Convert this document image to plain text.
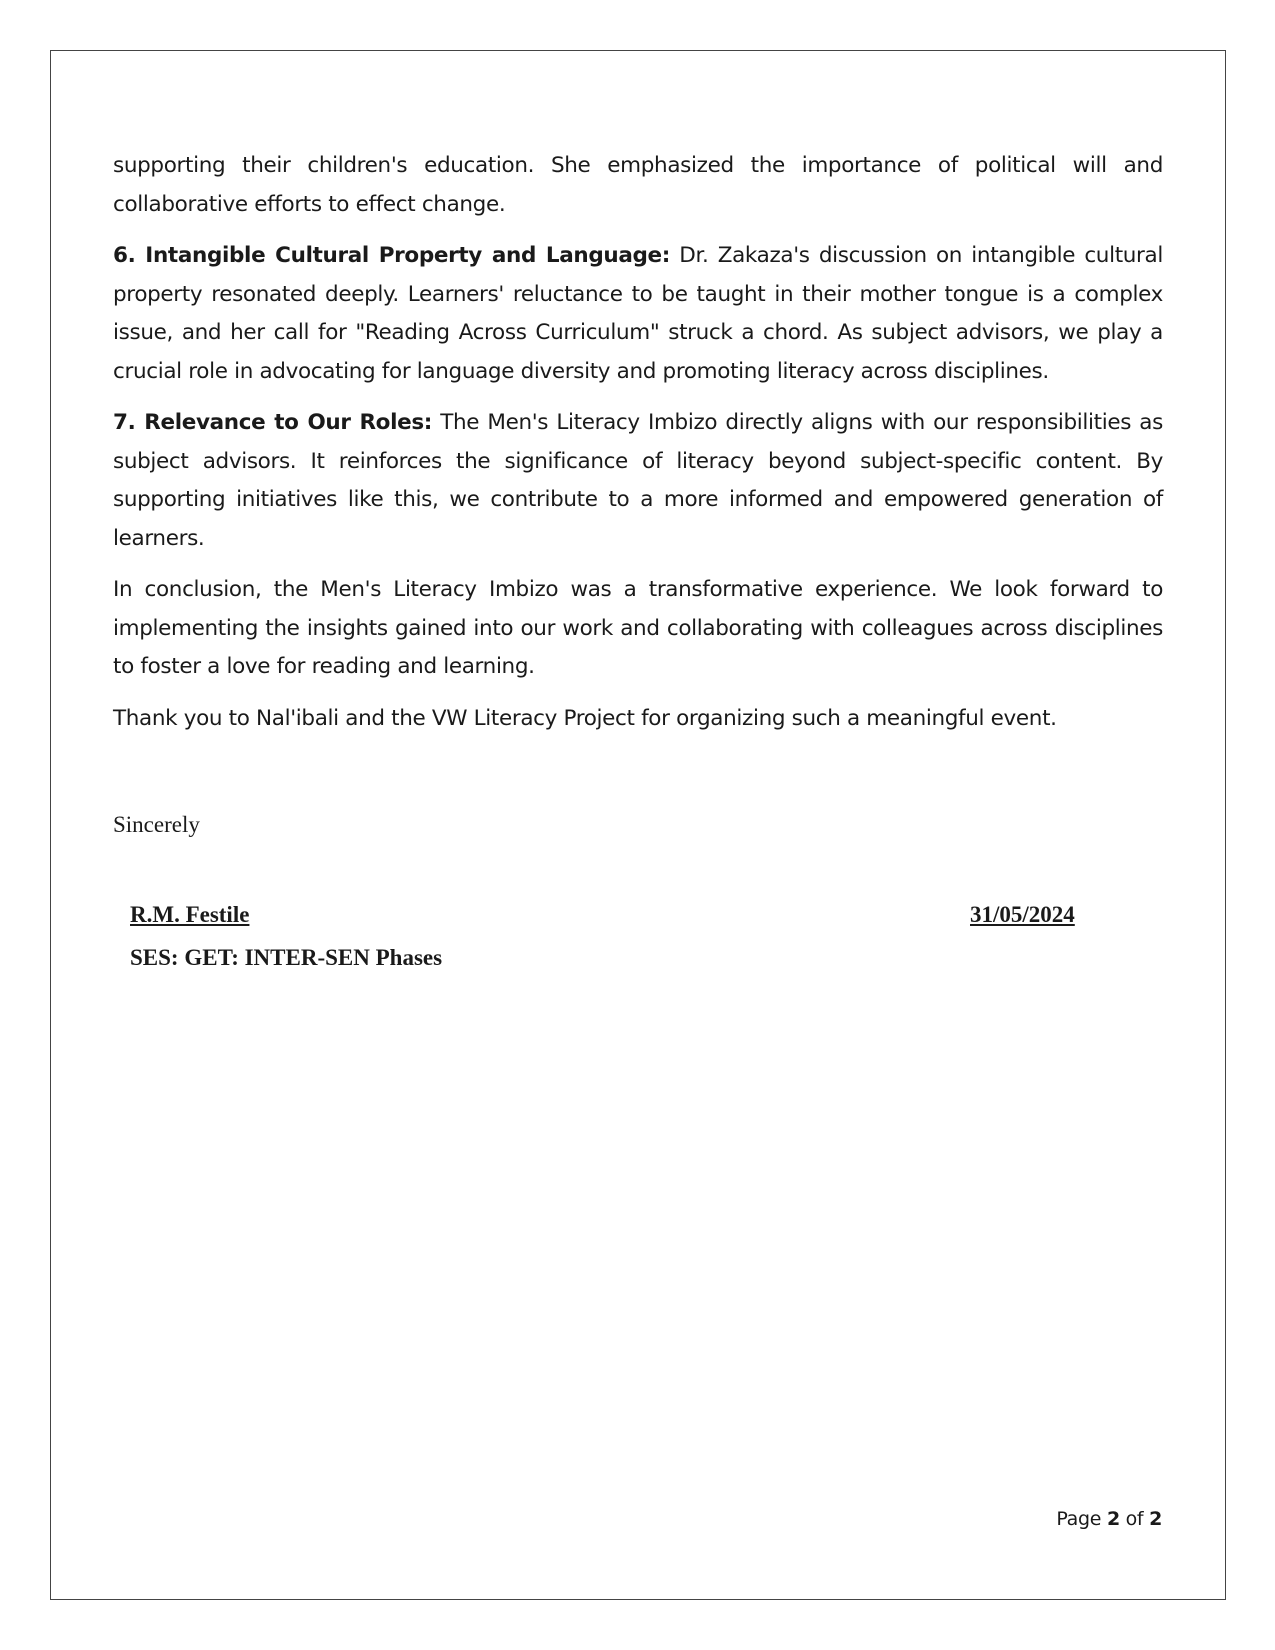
supporting their children's education. She emphasized the importance of political will and collaborative efforts to effect change.

6. Intangible Cultural Property and Language: Dr. Zakaza's discussion on intangible cultural property resonated deeply. Learners' reluctance to be taught in their mother tongue is a complex issue, and her call for "Reading Across Curriculum" struck a chord. As subject advisors, we play a crucial role in advocating for language diversity and promoting literacy across disciplines.

7. Relevance to Our Roles: The Men's Literacy Imbizo directly aligns with our responsibilities as subject advisors. It reinforces the significance of literacy beyond subject-specific content. By supporting initiatives like this, we contribute to a more informed and empowered generation of learners.

In conclusion, the Men's Literacy Imbizo was a transformative experience. We look forward to implementing the insights gained into our work and collaborating with colleagues across disciplines to foster a love for reading and learning.

Thank you to Nal'ibali and the VW Literacy Project for organizing such a meaningful event.

Sincerely
R.M. Festile	31/05/2024
SES: GET: INTER-SEN Phases
Page 2 of 2
